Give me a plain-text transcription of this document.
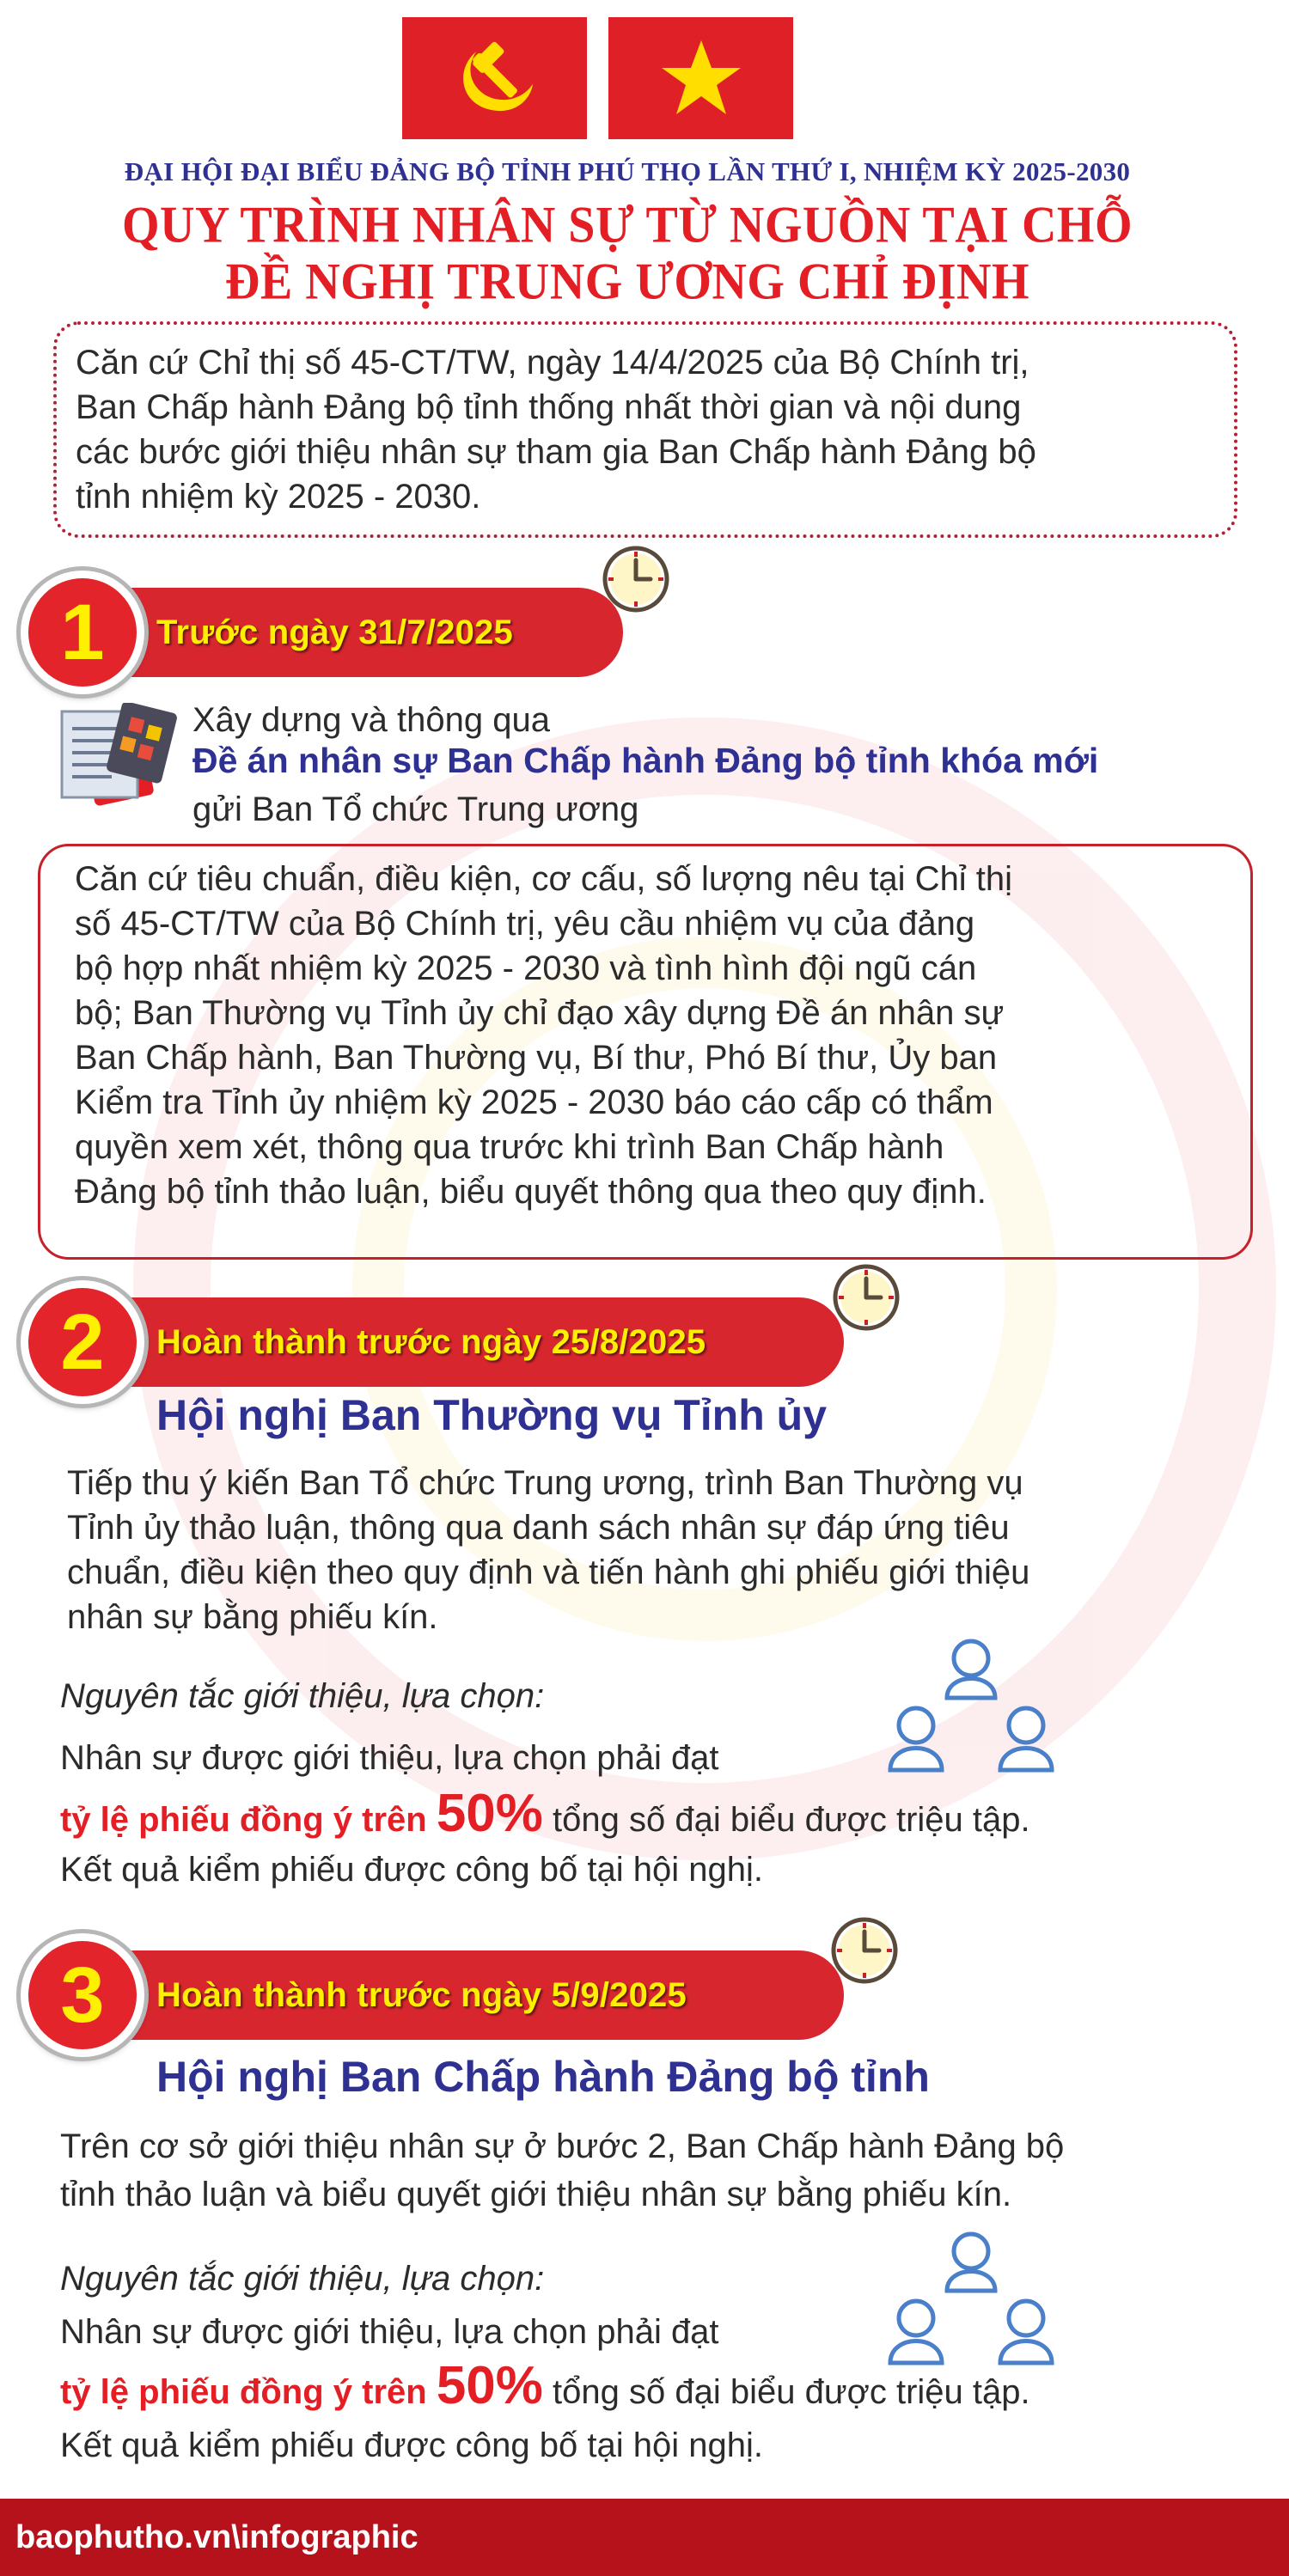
ĐẠI HỘI ĐẠI BIỂU ĐẢNG BỘ TỈNH PHÚ THỌ LẦN THỨ I, NHIỆM KỲ 2025-2030
QUY TRÌNH NHÂN SỰ TỪ NGUỒN TẠI CHỖ
ĐỀ NGHỊ TRUNG ƯƠNG CHỈ ĐỊNH
Căn cứ Chỉ thị số 45-CT/TW, ngày 14/4/2025 của Bộ Chính trị,
Ban Chấp hành Đảng bộ tỉnh thống nhất thời gian và nội dung
các bước giới thiệu nhân sự tham gia Ban Chấp hành Đảng bộ
tỉnh nhiệm kỳ 2025 - 2030.
Trước ngày 31/7/2025
1
Xây dựng và thông qua
Đề án nhân sự Ban Chấp hành Đảng bộ tỉnh khóa mới
gửi Ban Tổ chức Trung ương
Căn cứ tiêu chuẩn, điều kiện, cơ cấu, số lượng nêu tại Chỉ thị
số 45-CT/TW của Bộ Chính trị, yêu cầu nhiệm vụ của đảng
bộ hợp nhất nhiệm kỳ 2025 - 2030 và tình hình đội ngũ cán
bộ; Ban Thường vụ Tỉnh ủy chỉ đạo xây dựng Đề án nhân sự
Ban Chấp hành, Ban Thường vụ, Bí thư, Phó Bí thư, Ủy ban
Kiểm tra Tỉnh ủy nhiệm kỳ 2025 - 2030 báo cáo cấp có thẩm
quyền xem xét, thông qua trước khi trình Ban Chấp hành
Đảng bộ tỉnh thảo luận, biểu quyết thông qua theo quy định.
Hoàn thành trước ngày 25/8/2025
2
Hội nghị Ban Thường vụ Tỉnh ủy
Tiếp thu ý kiến Ban Tổ chức Trung ương, trình Ban Thường vụ
Tỉnh ủy thảo luận, thông qua danh sách nhân sự đáp ứng tiêu
chuẩn, điều kiện theo quy định và tiến hành ghi phiếu giới thiệu
nhân sự bằng phiếu kín.
Nguyên tắc giới thiệu, lựa chọn:
Nhân sự được giới thiệu, lựa chọn phải đạt
tỷ lệ phiếu đồng ý trên 50% tổng số đại biểu được triệu tập.
Kết quả kiểm phiếu được công bố tại hội nghị.
Hoàn thành trước ngày 5/9/2025
3
Hội nghị Ban Chấp hành Đảng bộ tỉnh
Trên cơ sở giới thiệu nhân sự ở bước 2, Ban Chấp hành Đảng bộ
tỉnh thảo luận và biểu quyết giới thiệu nhân sự bằng phiếu kín.
Nguyên tắc giới thiệu, lựa chọn:
Nhân sự được giới thiệu, lựa chọn phải đạt
tỷ lệ phiếu đồng ý trên 50% tổng số đại biểu được triệu tập.
Kết quả kiểm phiếu được công bố tại hội nghị.
baophutho.vn\infographic
